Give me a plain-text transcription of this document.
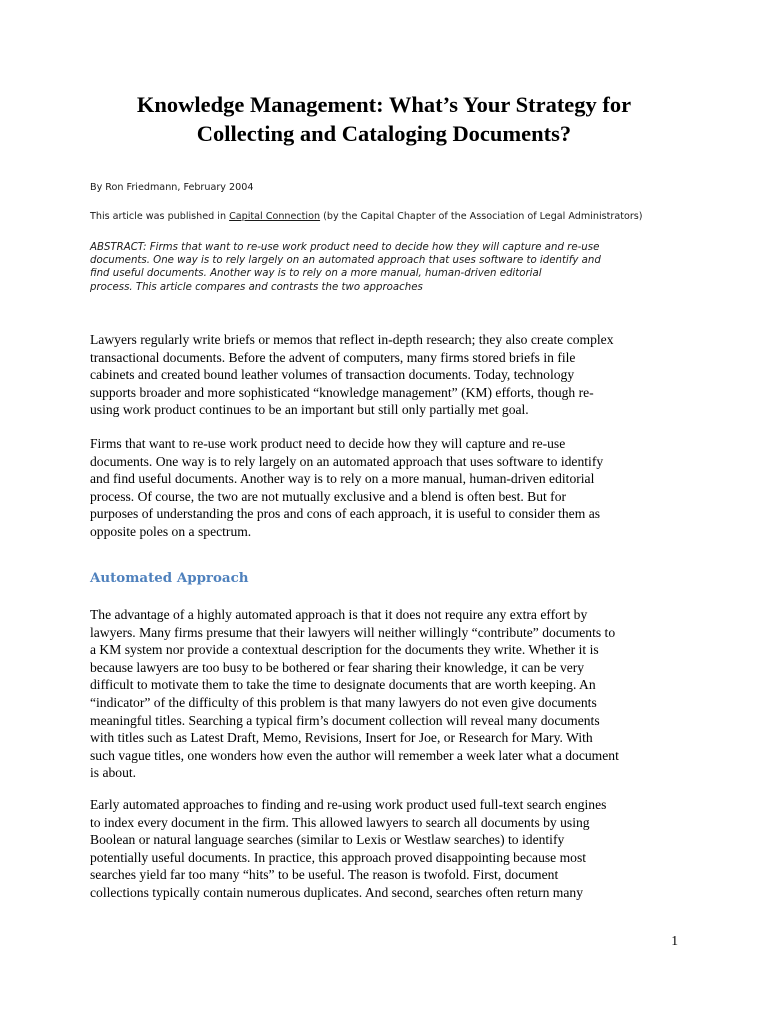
Knowledge Management: What’s Your Strategy for
Collecting and Cataloging Documents?

By Ron Friedmann, February 2004

This article was published in Capital Connection (by the Capital Chapter of the Association of Legal Administrators)

ABSTRACT: Firms that want to re-use work product need to decide how they will capture and re-use
documents. One way is to rely largely on an automated approach that uses software to identify and
find useful documents. Another way is to rely on a more manual, human-driven editorial
process. This article compares and contrasts the two approaches
Lawyers regularly write briefs or memos that reflect in-depth research; they also create complex
transactional documents. Before the advent of computers, many firms stored briefs in file
cabinets and created bound leather volumes of transaction documents. Today, technology
supports broader and more sophisticated “knowledge management” (KM) efforts, though re-
using work product continues to be an important but still only partially met goal.
Firms that want to re-use work product need to decide how they will capture and re-use
documents. One way is to rely largely on an automated approach that uses software to identify
and find useful documents. Another way is to rely on a more manual, human-driven editorial
process. Of course, the two are not mutually exclusive and a blend is often best. But for
purposes of understanding the pros and cons of each approach, it is useful to consider them as
opposite poles on a spectrum.
Automated Approach
The advantage of a highly automated approach is that it does not require any extra effort by
lawyers. Many firms presume that their lawyers will neither willingly “contribute” documents to
a KM system nor provide a contextual description for the documents they write. Whether it is
because lawyers are too busy to be bothered or fear sharing their knowledge, it can be very
difficult to motivate them to take the time to designate documents that are worth keeping. An
“indicator” of the difficulty of this problem is that many lawyers do not even give documents
meaningful titles. Searching a typical firm’s document collection will reveal many documents
with titles such as Latest Draft, Memo, Revisions, Insert for Joe, or Research for Mary. With
such vague titles, one wonders how even the author will remember a week later what a document
is about.
Early automated approaches to finding and re-using work product used full-text search engines
to index every document in the firm. This allowed lawyers to search all documents by using
Boolean or natural language searches (similar to Lexis or Westlaw searches) to identify
potentially useful documents. In practice, this approach proved disappointing because most
searches yield far too many “hits” to be useful. The reason is twofold. First, document
collections typically contain numerous duplicates. And second, searches often return many
1
